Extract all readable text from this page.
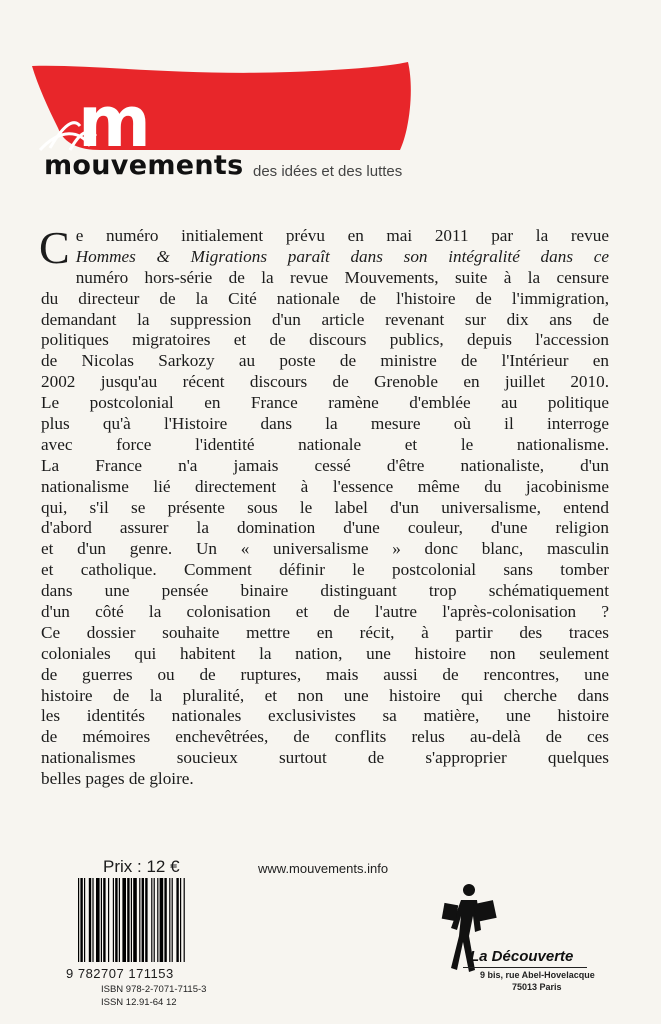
m
mouvements des idées et des luttes
C e numéro initialement prévu en mai 2011 par la revue
Hommes & Migrations paraît dans son intégralité dans ce
numéro hors-série de la revue Mouvements, suite à la censure
du directeur de la Cité nationale de l'histoire de l'immigration,
demandant la suppression d'un article revenant sur dix ans de
politiques migratoires et de discours publics, depuis l'accession
de Nicolas Sarkozy au poste de ministre de l'Intérieur en
2002 jusqu'au récent discours de Grenoble en juillet 2010.
Le postcolonial en France ramène d'emblée au politique
plus qu'à l'Histoire dans la mesure où il interroge
avec force l'identité nationale et le nationalisme.
La France n'a jamais cessé d'être nationaliste, d'un
nationalisme lié directement à l'essence même du jacobinisme
qui, s'il se présente sous le label d'un universalisme, entend
d'abord assurer la domination d'une couleur, d'une religion
et d'un genre. Un « universalisme » donc blanc, masculin
et catholique. Comment définir le postcolonial sans tomber
dans une pensée binaire distinguant trop schématiquement
d'un côté la colonisation et de l'autre l'après-colonisation ?
Ce dossier souhaite mettre en récit, à partir des traces
coloniales qui habitent la nation, une histoire non seulement
de guerres ou de ruptures, mais aussi de rencontres, une
histoire de la pluralité, et non une histoire qui cherche dans
les identités nationales exclusivistes sa matière, une histoire
de mémoires enchevêtrées, de conflits relus au-delà de ces
nationalismes soucieux surtout de s'approprier quelques
belles pages de gloire.
Prix : 12 €	www.mouvements.info
9 782707 171153
ISBN 978-2-7071-7115-3
ISSN 12.91-64 12
La Découverte
9 bis, rue Abel-Hovelacque
75013 Paris
